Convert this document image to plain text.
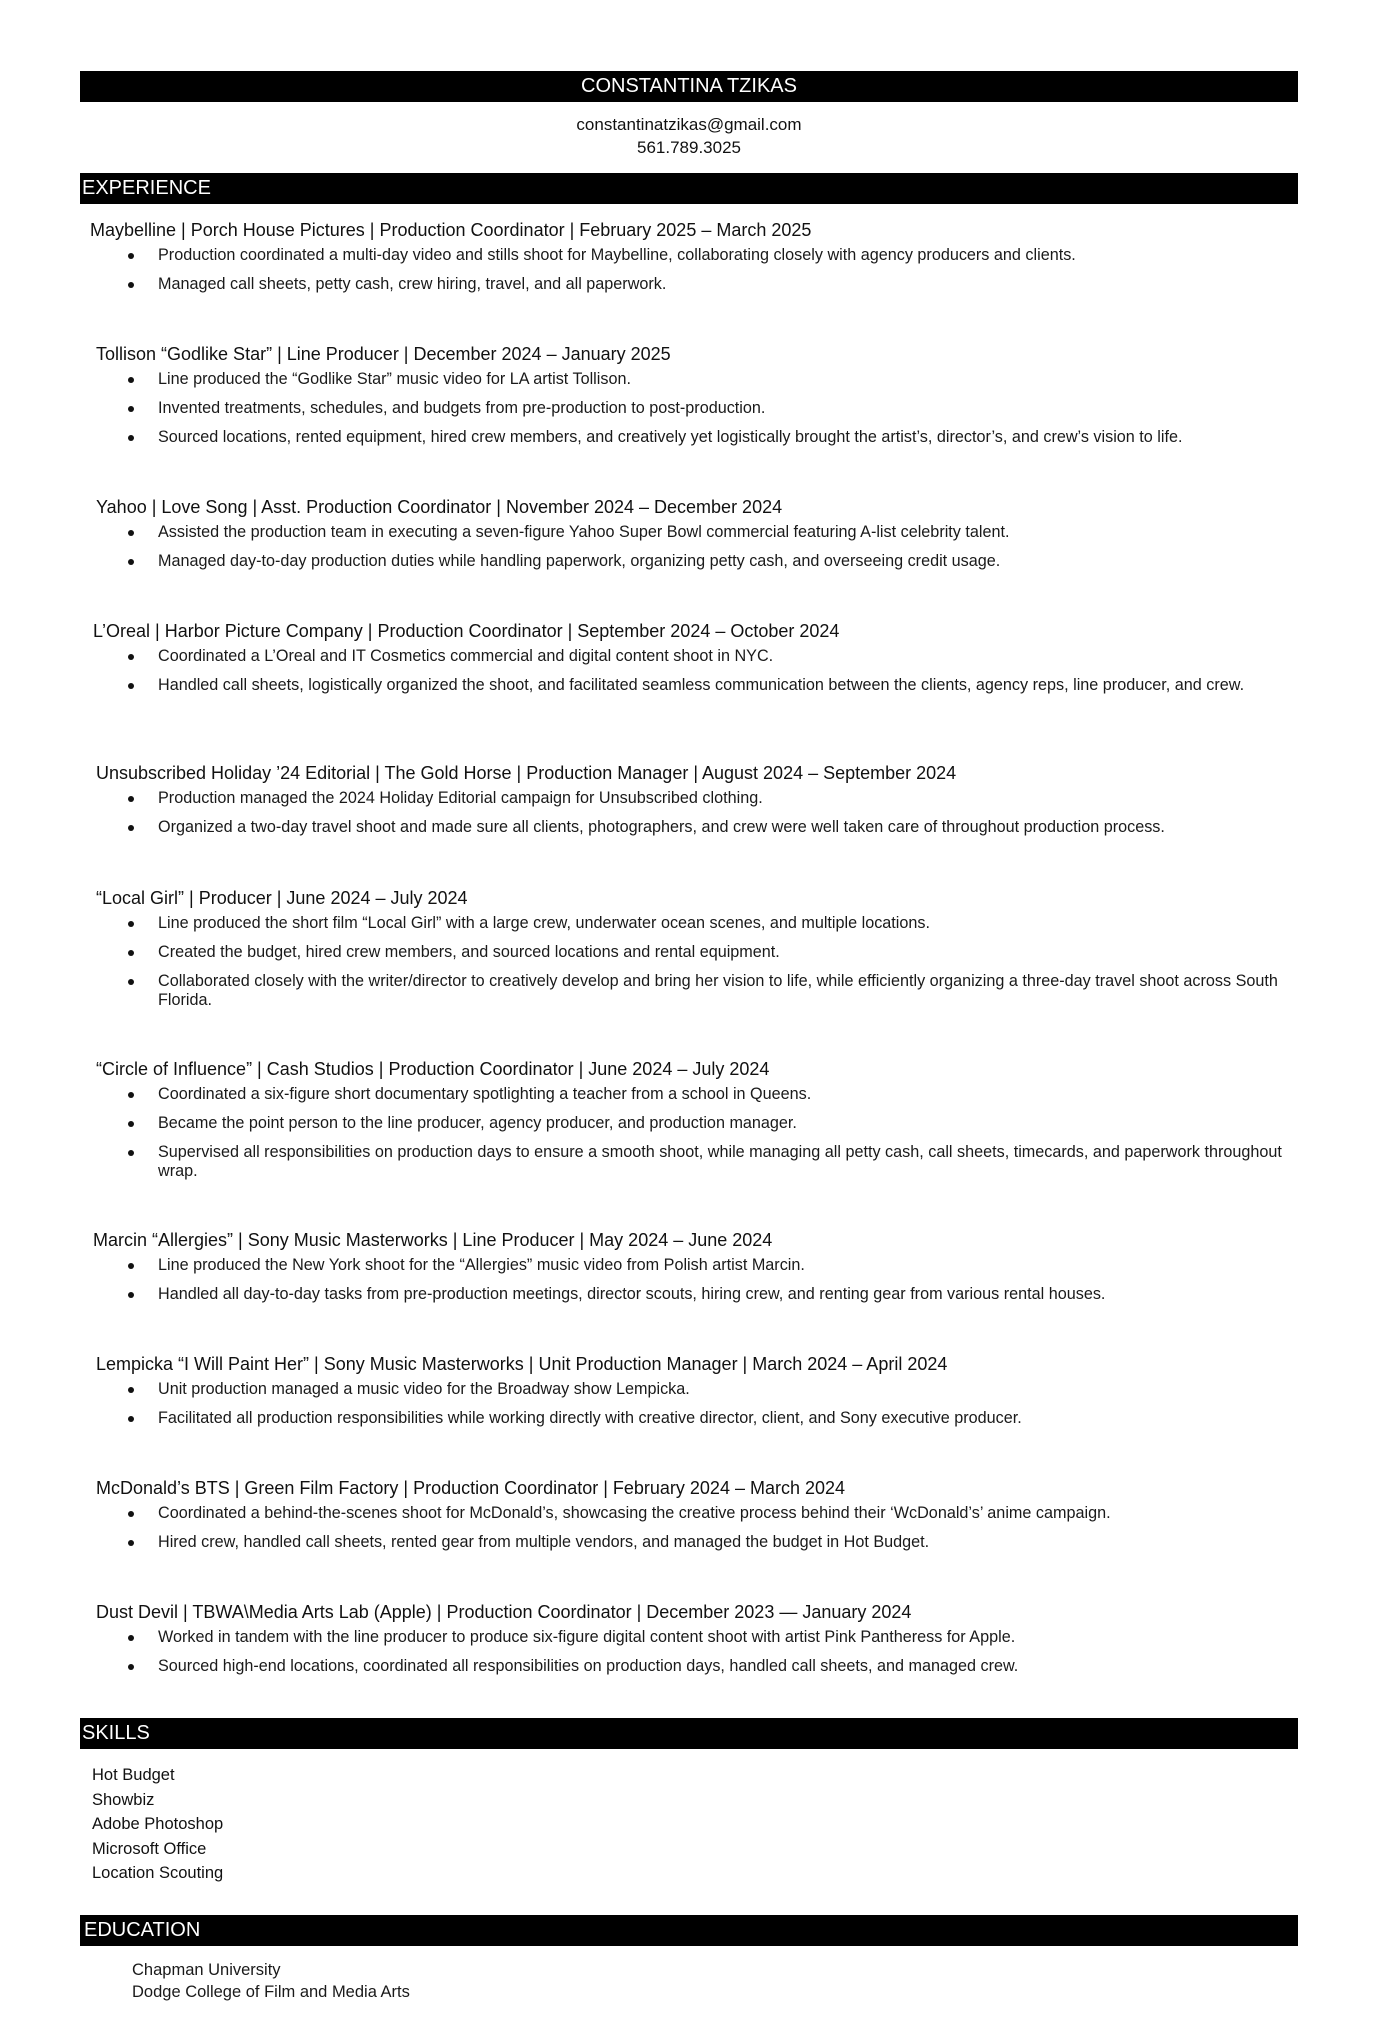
CONSTANTINA TZIKAS
constantinatzikas@gmail.com
561.789.3025
EXPERIENCE
Maybelline | Porch House Pictures | Production Coordinator | February 2025 – March 2025
Production coordinated a multi-day video and stills shoot for Maybelline, collaborating closely with agency producers and clients.
Managed call sheets, petty cash, crew hiring, travel, and all paperwork.
Tollison “Godlike Star” | Line Producer | December 2024 – January 2025
Line produced the “Godlike Star” music video for LA artist Tollison.
Invented treatments, schedules, and budgets from pre-production to post-production.
Sourced locations, rented equipment, hired crew members, and creatively yet logistically brought the artist’s, director’s, and crew’s vision to life.
Yahoo | Love Song | Asst. Production Coordinator | November 2024 – December 2024
Assisted the production team in executing a seven-figure Yahoo Super Bowl commercial featuring A-list celebrity talent.
Managed day-to-day production duties while handling paperwork, organizing petty cash, and overseeing credit usage.
L’Oreal | Harbor Picture Company | Production Coordinator | September 2024 – October 2024
Coordinated a L’Oreal and IT Cosmetics commercial and digital content shoot in NYC.
Handled call sheets, logistically organized the shoot, and facilitated seamless communication between the clients, agency reps, line producer, and crew.
Unsubscribed Holiday ’24 Editorial | The Gold Horse | Production Manager | August 2024 – September 2024
Production managed the 2024 Holiday Editorial campaign for Unsubscribed clothing.
Organized a two-day travel shoot and made sure all clients, photographers, and crew were well taken care of throughout production process.
“Local Girl” | Producer | June 2024 – July 2024
Line produced the short film “Local Girl” with a large crew, underwater ocean scenes, and multiple locations.
Created the budget, hired crew members, and sourced locations and rental equipment.
Collaborated closely with the writer/director to creatively develop and bring her vision to life, while efficiently organizing a three-day travel shoot across South Florida.
“Circle of Influence” | Cash Studios | Production Coordinator | June 2024 – July 2024
Coordinated a six-figure short documentary spotlighting a teacher from a school in Queens.
Became the point person to the line producer, agency producer, and production manager.
Supervised all responsibilities on production days to ensure a smooth shoot, while managing all petty cash, call sheets, timecards, and paperwork throughout wrap.
Marcin “Allergies” | Sony Music Masterworks | Line Producer | May 2024 – June 2024
Line produced the New York shoot for the “Allergies” music video from Polish artist Marcin.
Handled all day-to-day tasks from pre-production meetings, director scouts, hiring crew, and renting gear from various rental houses.
Lempicka “I Will Paint Her” | Sony Music Masterworks | Unit Production Manager | March 2024 – April 2024
Unit production managed a music video for the Broadway show Lempicka.
Facilitated all production responsibilities while working directly with creative director, client, and Sony executive producer.
McDonald’s BTS | Green Film Factory | Production Coordinator | February 2024 – March 2024
Coordinated a behind-the-scenes shoot for McDonald’s, showcasing the creative process behind their ‘WcDonald’s’ anime campaign.
Hired crew, handled call sheets, rented gear from multiple vendors, and managed the budget in Hot Budget.
Dust Devil | TBWA\Media Arts Lab (Apple) | Production Coordinator | December 2023 — January 2024
Worked in tandem with the line producer to produce six-figure digital content shoot with artist Pink Pantheress for Apple.
Sourced high-end locations, coordinated all responsibilities on production days, handled call sheets, and managed crew.
SKILLS
Hot Budget
Showbiz
Adobe Photoshop
Microsoft Office
Location Scouting
EDUCATION
Chapman University
Dodge College of Film and Media Arts
